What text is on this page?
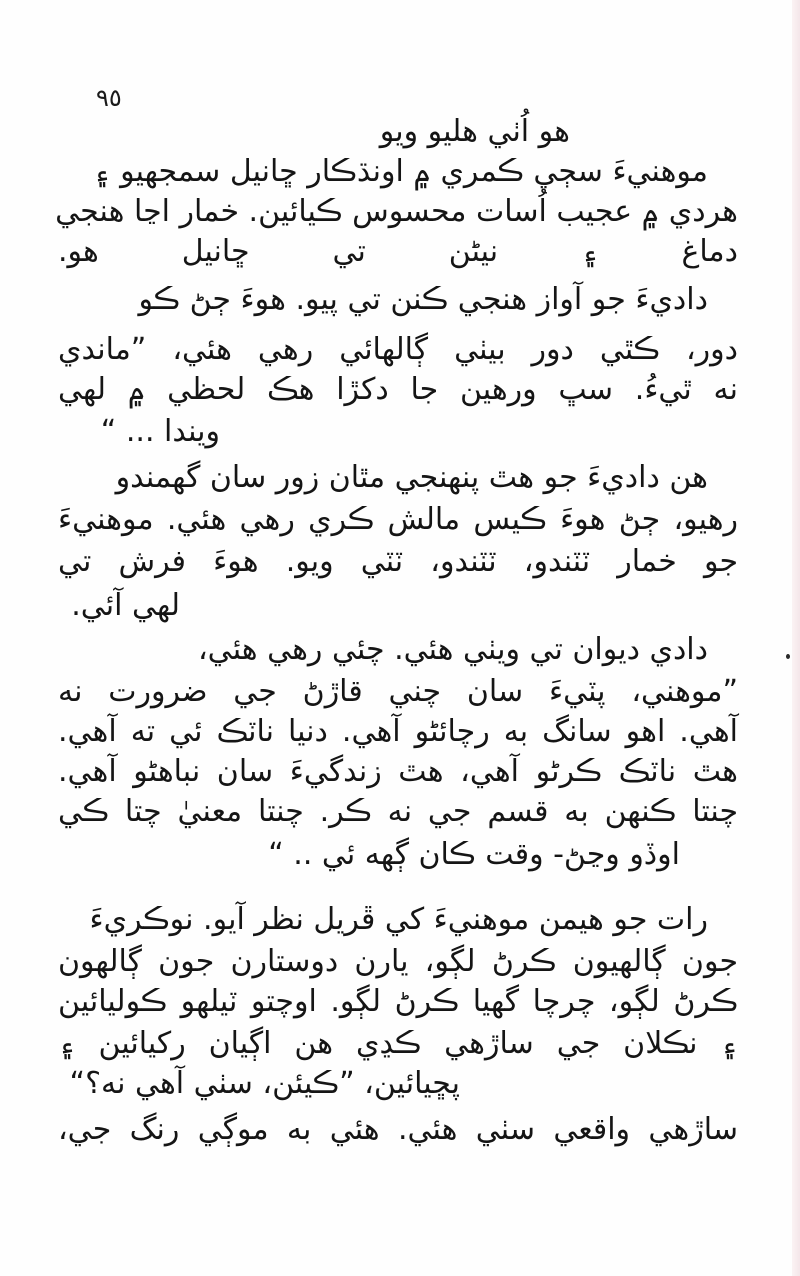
٩٥
هو اُٺي هليو ويو
موهنيءَ سڄي ڪمري ۾ اونڌڪار ڇانيل سمجهيو ۽
هردي ۾ عجيب اُسات محسوس ڪيائين. خمار اڃا هنجي
دماغ ۽ نيڻن تي ڇانيل هو.
داديءَ جو آواز هنجي ڪنن تي پيو. هوءَ ڄڻ ڪو
دور، ڪٿي دور بيٺي ڳالهائي رهي هئي، ”ماندي
نه ٿيءُ. سڀ ورهين جا دکڙا هڪ لحظي ۾ لهي
ويندا ... “
هن داديءَ جو هٿ پنهنجي مٿان زور سان گهمندو
رهيو، ڄڻ هوءَ ڪيس مالش ڪري رهي هئي. موهنيءَ
جو خمار ٽٽندو، ٽٽندو، ٽٽي ويو. هوءَ فرش تي
لهي آئي.
دادي ديوان تي ويٺي هئي. چئي رهي هئي،
”موهني، پٽيءَ سان چني قاڙڻ جي ضرورت نه
آهي. اهو سانگ به رچائڻو آهي. دنيا ناٽڪ ئي ته آهي.
هٿ ناٽڪ ڪرڻو آهي، هٿ زندگيءَ سان نباهڻو آهي.
چنتا ڪنهن به قسم جي نه ڪر. چنتا معنيٰ چتا ڪي
اوڏو وڃڻ- وقت ڪان ڳهه ئي .. “
رات جو هيمن موهنيءَ کي ڦريل نظر آيو. نوڪريءَ
جون ڳالهيون ڪرڻ لڳو، يارن دوستارن جون ڳالهون
ڪرڻ لڳو، چرچا گهيا ڪرڻ لڳو. اوچتو ٽيلهو ڪوليائين
۽ نڪلان جي ساڙهي ڪڍي هن اڳيان رکيائين ۽
پڇيائين، ”ڪيئن، سٺي آهي نه؟“
ساڙهي واقعي سٺي هئي. هئي به موڳي رنگ جي،
